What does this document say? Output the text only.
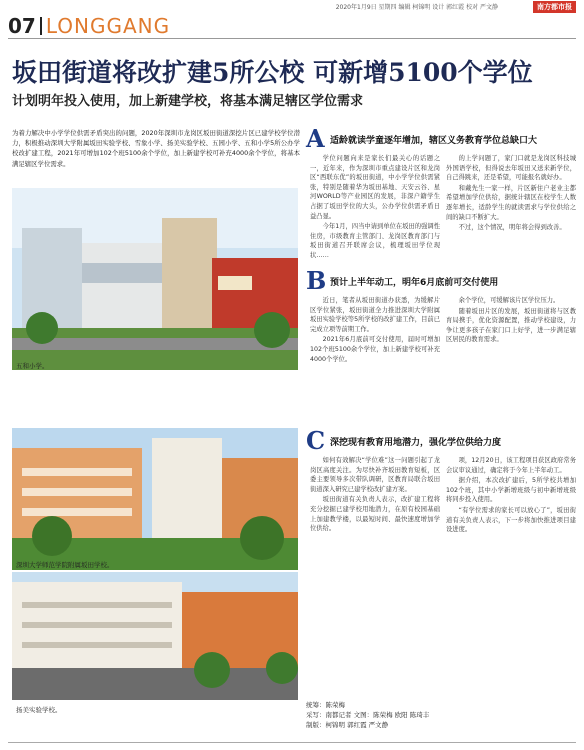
2020年1月9日 星期四 编辑 柯锦明 设计 郭红霞 校对 严文静	南方都市报
07 LONGGANG
坂田街道将改扩建5所公校 可新增5100个学位
计划明年投入使用，加上新建学校，将基本满足辖区学位需求

为着力解决中小学学位供需矛盾突出的问题，2020年深圳市龙岗区坂田街道深挖片区已建学校学位潜力，积极推动深圳大学附属坂田实验学校、雪象小学、扬美实验学校、五园小学、五和小学5所公办学校改扩建工程，2021年可增加102个班5100余个学位，加上新建学校可补充4000余个学位，将基本满足辖区学位需求。

五和小学。
深圳大学师范学院附属坂田学校。
扬美实验学校。
A 适龄就读学童逐年增加，辖区义务教育学位总缺口大

学位问题向来是家长们最关心的话题之一，近年来，作为深圳市重点建设片区和龙岗区“西联东优”的坂田街道，中小学学位供需紧张，特别是随着华为坂田基地、天安云谷、星河WORLD等产业园区的发展，非深户籍学生占据了坂田学位的大头，公办学位供需矛盾日益凸显。

今年1月，四当中请到单位在坂田的强调性住房，市级教育主管部门、龙岗区教育部门与坂田街道召开联席会议，梳理坂田学位现状……

的上学问题了，家门口就是龙岗区科技城外国语学校，但得说去年坂田又送来新学位，自己得跳来，还是希望，可能报名就好办。

和戴先生一家一样，片区新住户老业主都希望增加学位供给，据统计辖区在校学生人数逐年增长，适龄学生的就读需求与学位供给之间的缺口不断扩大。

不过，这个情况，明年将会得到改善。

B 预计上半年动工，明年6月底前可交付使用

近日，笔者从坂田街道办获悉，为缓解片区学位紧张，坂田街道全力推进深圳大学附属坂田实验学校等5所学校的改扩建工作，目前已完成立项等前期工作。

2021年6月底前可交付使用，届时可增加102个班5100余个学位，加上新建学校可补充4000个学位。

余个学位，可缓解该片区学位压力。

随着坂田片区的发展，坂田街道将与区教育局携手，优化资源配置，推动学校建设，力争让更多孩子在家门口上好学，进一步满足辖区居民的教育需求。

C 深挖现有教育用地潜力，强化学位供给力度

如何有效解决“学位难”这一问题引起了龙岗区高度关注。为尽快补齐坂田教育短板，区委主要领导多次带队调研，区教育局联合坂田街道深入研究已建学校改扩建方案。

坂田街道有关负责人表示，改扩建工程将充分挖掘已建学校用地潜力，在原有校园基础上加建教学楼，以最短时间、最快速度增加学位供给。

项，12月20日，该工程项目获区政府常务会议审议通过，确定将于今年上半年动工。

据介绍，本次改扩建后，5所学校共增加102个班，其中小学新增班级与初中新增班级将同步投入使用。

“有学位需求的家长可以放心了”，坂田街道有关负责人表示，下一步将加快推进项目建设进度。

统筹：陈荣梅
采写：南都记者 文图：陈荣梅 欧阳 陈琦丰
制版：柯锦明 郭红霞 严文静
